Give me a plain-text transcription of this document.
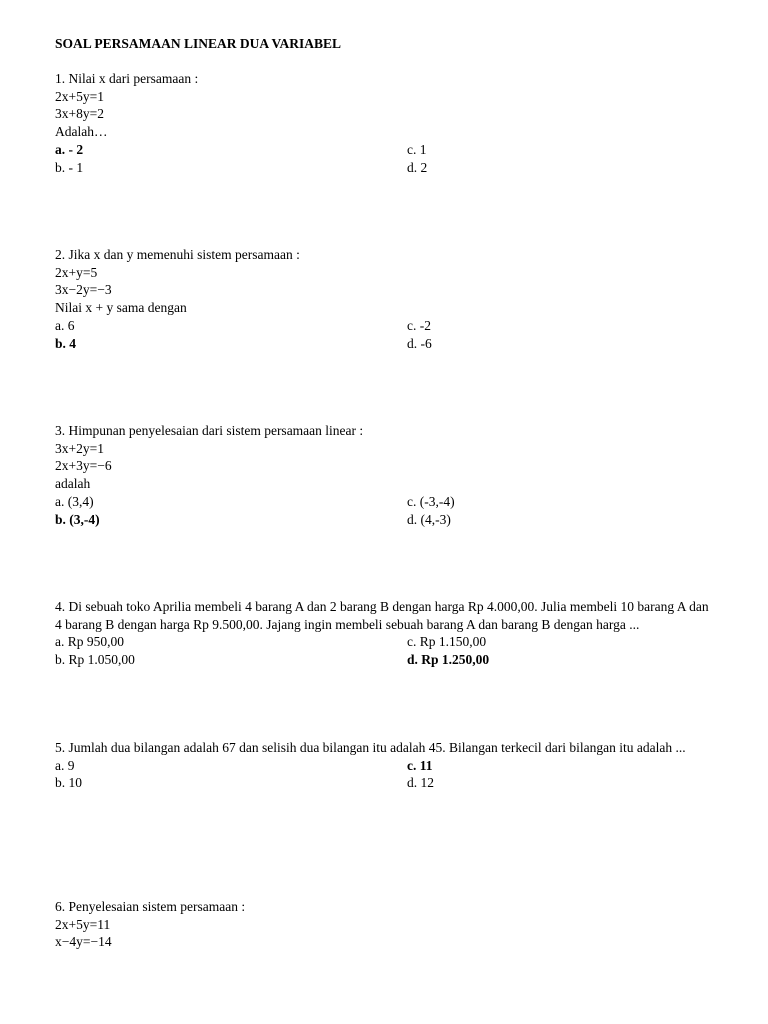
SOAL PERSAMAAN LINEAR DUA VARIABEL
1. Nilai x dari persamaan :
2x+5y=1
3x+8y=2
Adalah…
a. - 2	c. 1
b. - 1	d. 2
2. Jika x dan y memenuhi sistem persamaan :
2x+y=5
3x−2y=−3
Nilai x + y sama dengan
a. 6	c. -2
b. 4	d. -6
3. Himpunan penyelesaian dari sistem persamaan linear :
3x+2y=1
2x+3y=−6
adalah
a. (3,4)	c. (-3,-4)
b. (3,-4)	d. (4,-3)
4. Di sebuah toko Aprilia membeli 4 barang A dan 2 barang B dengan harga Rp 4.000,00. Julia membeli 10 barang A dan 4 barang B dengan harga Rp 9.500,00. Jajang ingin membeli sebuah barang A dan barang B dengan harga ...
a. Rp 950,00	c. Rp 1.150,00
b. Rp 1.050,00	d. Rp 1.250,00
5. Jumlah dua bilangan adalah 67 dan selisih dua bilangan itu adalah 45. Bilangan terkecil dari bilangan itu adalah ...
a. 9	c. 11
b. 10	d. 12
6. Penyelesaian sistem persamaan :
2x+5y=11
x−4y=−14
